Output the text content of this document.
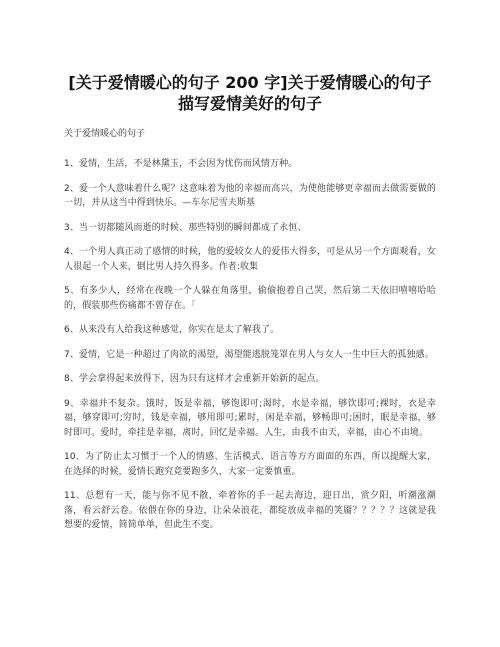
[关于爱情暖心的句子 200 字]关于爱情暖心的句子 描写爱情美好的句子

关于爱情暖心的句子

1、爱情，生活，不是林黛玉，不会因为忧伤而风情万种。

2、爱一个人意味着什么呢？这意味着为他的幸福而高兴，为使他能够更幸福而去做需要做的一切，并从这当中得到快乐。—车尔尼雪夫斯基

3、当一切都随风而逝的时候、那些特别的瞬间都成了永恒、

4、一个男人真正动了感情的时候，他的爱较女人的爱伟大得多，可是从另一个方面观看，女人很起一个人来，倒比男人持久得多。作者:收集

5、有多少人，经常在夜晚一个人躲在角落里，偷偷抱着自己哭，然后第二天依旧嘻嘻哈哈的，假装那些伤痛都不曾存在。「

6、从来没有人给我这种感觉，你实在是太了解我了。

7、爱情，它是一种超过了肉欲的渴望，渴望能逃脱笼罩在男人与女人一生中巨大的孤独感。

8、学会拿得起来放得下，因为只有这样才会重新开始新的起点。

9、幸福并不复杂。饿时，饭是幸福，够饱即可;渴时，水是幸福，够饮即可;裸时，衣是幸福，够穿即可;穷时，钱是幸福，够用即可;累时，闲是幸福，够畅即可;困时，眠是幸福，够时即可。爱时，牵挂是幸福，离时，回忆是幸福。人生，由我不由天，幸福，由心不由境。

10、为了防止太习惯于一个人的情感、生活模式、语言等方方面面的东西，所以提醒大家，在选择的时候，爱情长跑究竟要跑多久，大家一定要慎重。

11、总想有一天，能与你不见不散，牵着你的手一起去海边，迎日出，赏夕阳，听潮涨潮落，看云舒云卷。依偎在你的身边，让朵朵浪花，都绽放成幸福的笑靥？？？？？这就是我想要的爱情，简简单单，但此生不变。
